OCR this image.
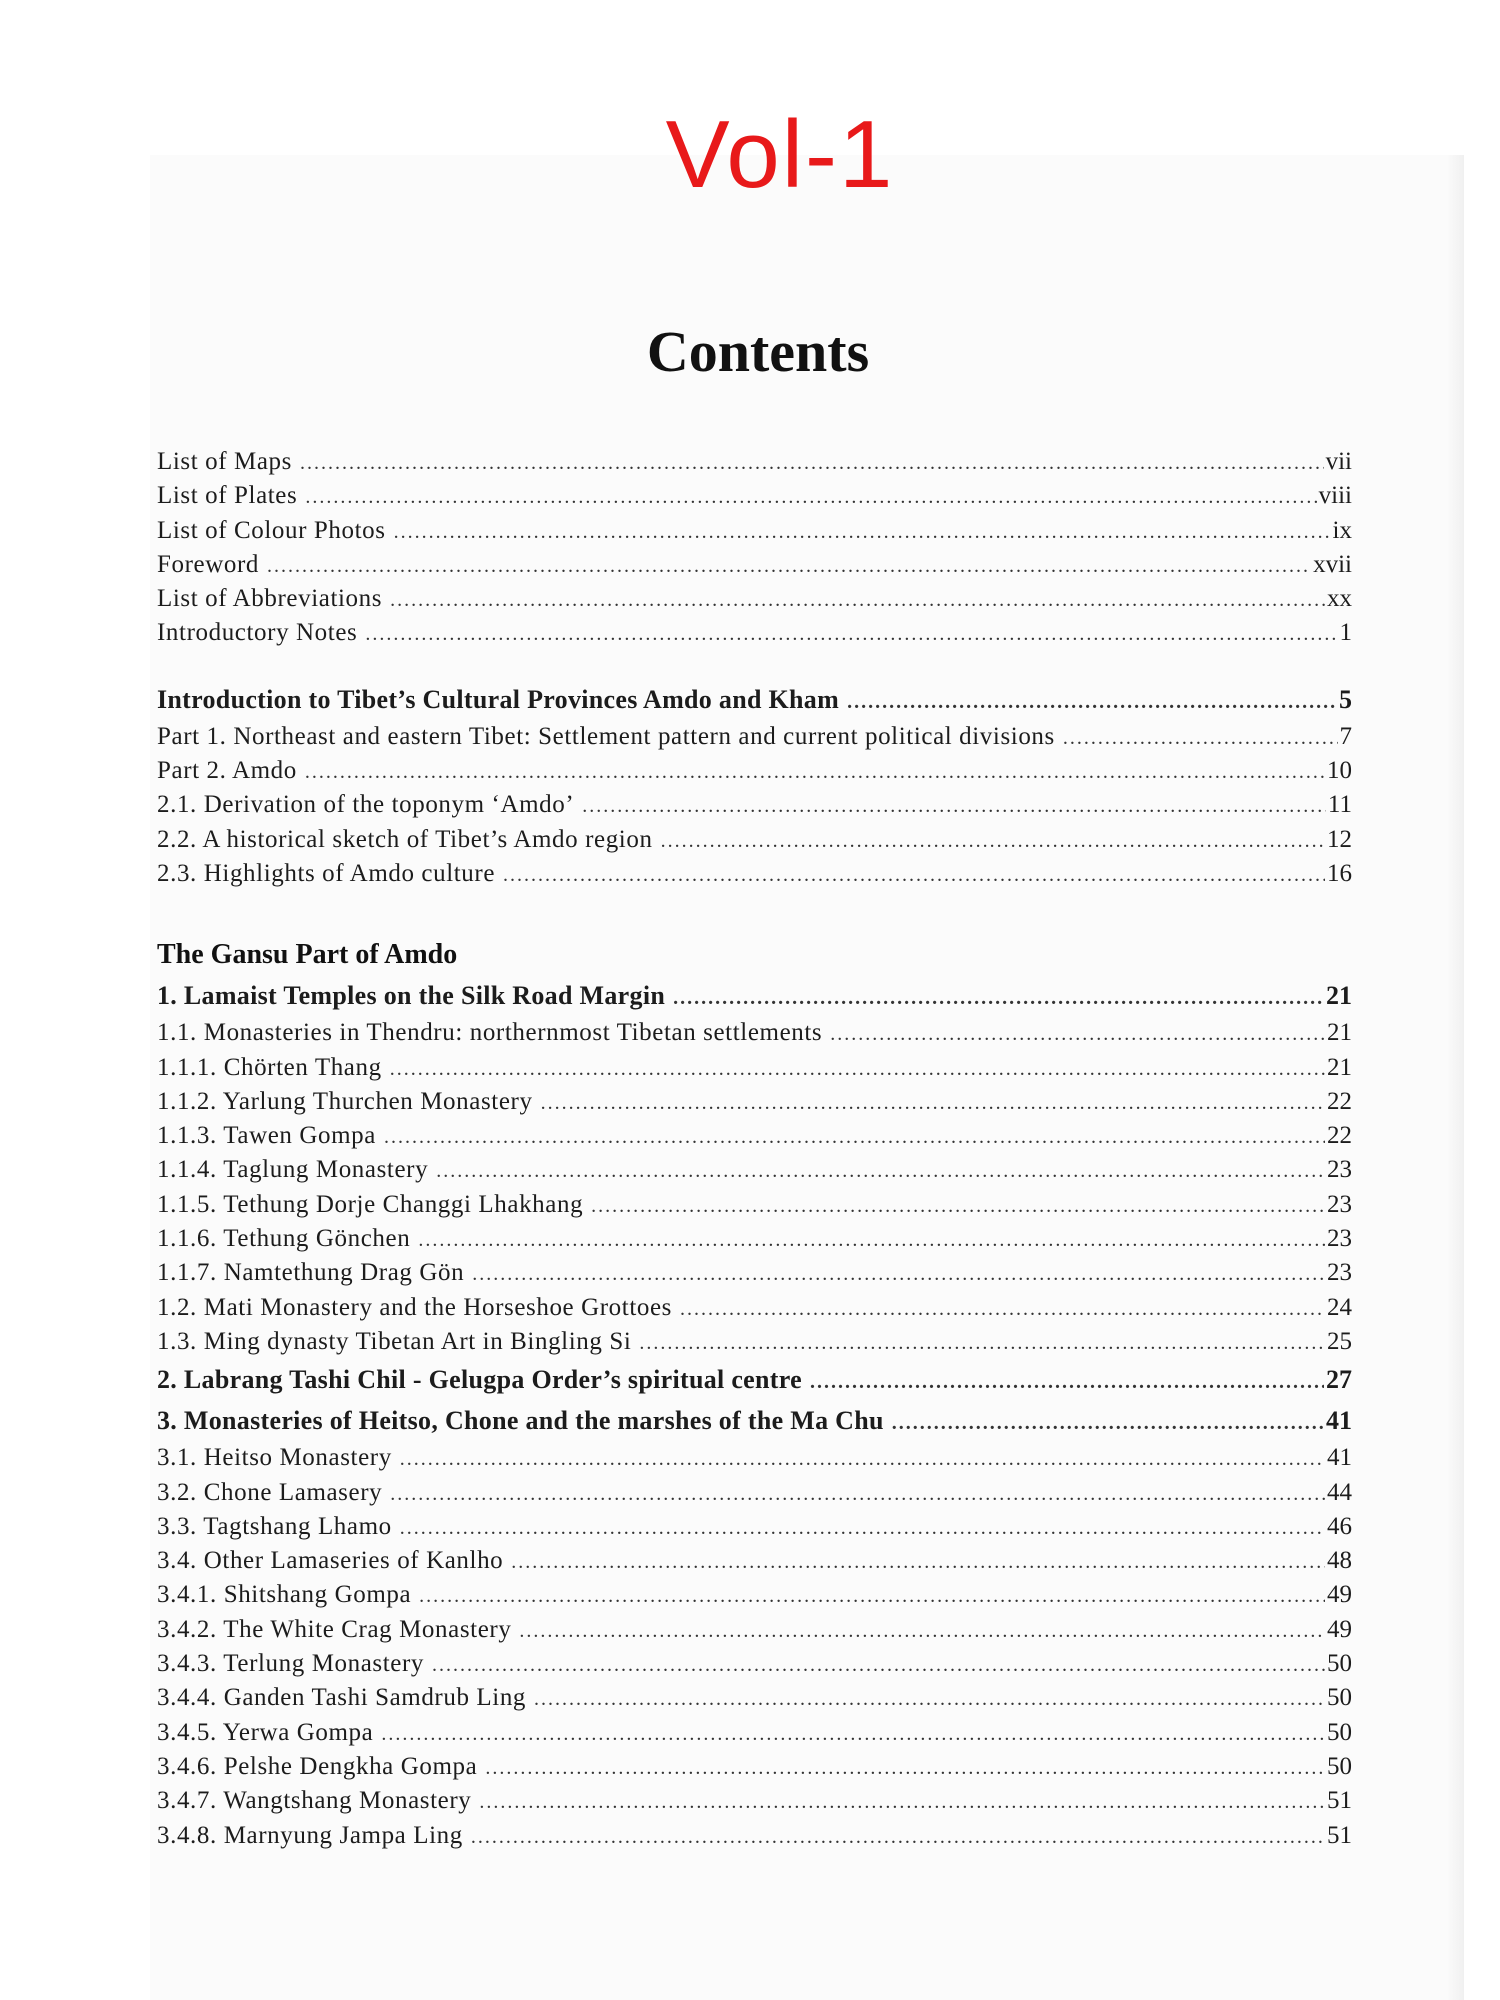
Vol-1
Contents
List of Maps .....	vii
List of Plates .....	viii
List of Colour Photos .....	ix
Foreword .....	xvii
List of Abbreviations .....	xx
Introductory Notes .....	1
Introduction to Tibet’s Cultural Provinces Amdo and Kham .....	5
Part 1. Northeast and eastern Tibet: Settlement pattern and current political divisions .....	7
Part 2. Amdo .....	10
2.1. Derivation of the toponym ‘Amdo’ .....	11
2.2. A historical sketch of Tibet’s Amdo region .....	12
2.3. Highlights of Amdo culture .....	16
The Gansu Part of Amdo
1. Lamaist Temples on the Silk Road Margin .....	21
1.1. Monasteries in Thendru: northernmost Tibetan settlements .....	21
1.1.1. Chörten Thang .....	21
1.1.2. Yarlung Thurchen Monastery .....	22
1.1.3. Tawen Gompa .....	22
1.1.4. Taglung Monastery .....	23
1.1.5. Tethung Dorje Changgi Lhakhang .....	23
1.1.6. Tethung Gönchen .....	23
1.1.7. Namtethung Drag Gön .....	23
1.2. Mati Monastery and the Horseshoe Grottoes .....	24
1.3. Ming dynasty Tibetan Art in Bingling Si .....	25
2. Labrang Tashi Chil - Gelugpa Order’s spiritual centre .....	27
3. Monasteries of Heitso, Chone and the marshes of the Ma Chu .....	41
3.1. Heitso Monastery .....	41
3.2. Chone Lamasery .....	44
3.3. Tagtshang Lhamo .....	46
3.4. Other Lamaseries of Kanlho .....	48
3.4.1. Shitshang Gompa .....	49
3.4.2. The White Crag Monastery .....	49
3.4.3. Terlung Monastery .....	50
3.4.4. Ganden Tashi Samdrub Ling .....	50
3.4.5. Yerwa Gompa .....	50
3.4.6. Pelshe Dengkha Gompa .....	50
3.4.7. Wangtshang Monastery .....	51
3.4.8. Marnyung Jampa Ling .....	51
